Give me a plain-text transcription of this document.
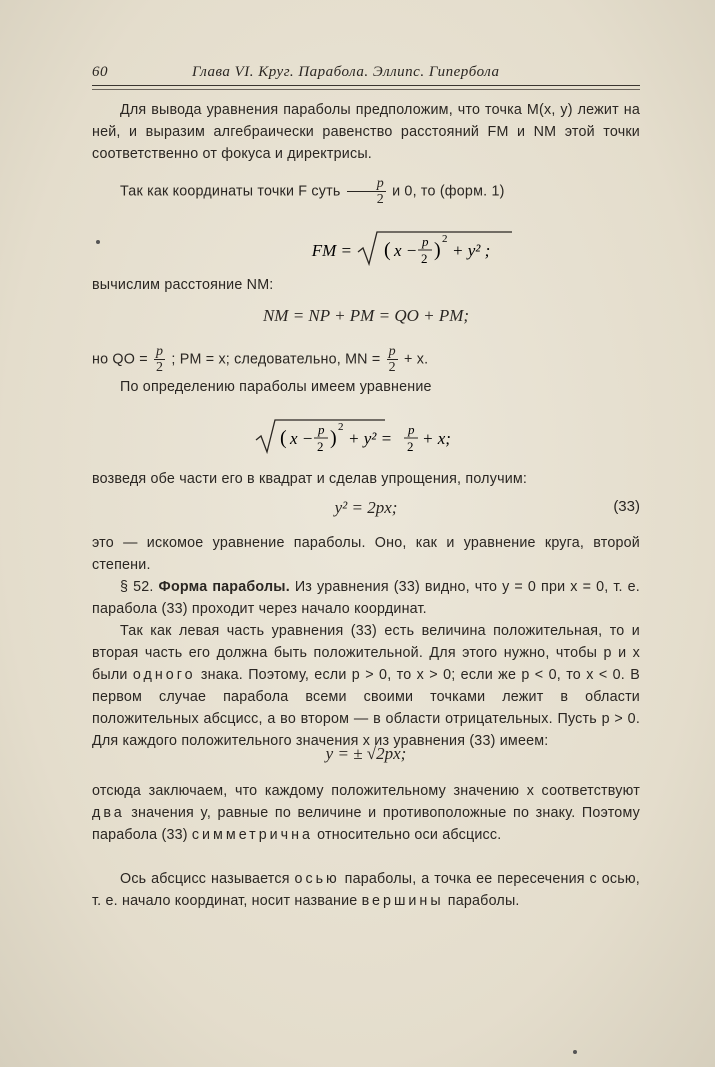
60	Глава VI. Круг. Парабола. Эллипс. Гипербола

Для вывода уравнения параболы предположим, что точка M(x, y) лежит на ней, и выразим алгебраически равенство расстояний FM и NM этой точки соответственно от фокуса и директрисы.

Так как координаты точки F суть $\frac{p}{2}$ и 0, то (форм. 1)

FM = ( x − p
2 ) 2
+ y² ;

вычислим расстояние NM:

NM = NP + PM = QO + PM;

но QO = $\frac{p}{2}$ ; PM = x; следовательно, MN = $\frac{p}{2} + x$.

По определению параболы имеем уравнение

( x − p
2 ) 2
+ y² = p
2 + x;

возведя обе части его в квадрат и сделав упрощения, получим:

y² = 2px;	(33)

это — искомое уравнение параболы. Оно, как и уравнение круга, второй степени.

§ 52. Форма параболы. Из уравнения (33) видно, что y = 0 при x = 0, т. е. парабола (33) проходит через начало координат.

Так как левая часть уравнения (33) есть величина положительная, то и вторая часть его должна быть положительной. Для этого нужно, чтобы p и x были одного знака. Поэтому, если p > 0, то x > 0; если же p < 0, то x < 0. В первом случае парабола всеми своими точками лежит в области положительных абсцисс, а во втором — в области отрицательных. Пусть p > 0. Для каждого положительного значения x из уравнения (33) имеем:

y = ± √2px;

отсюда заключаем, что каждому положительному значению x соответствуют два значения y, равные по величине и противоположные по знаку. Поэтому парабола (33) симметрична относительно оси абсцисс.

Ось абсцисс называется осью параболы, а точка ее пересечения с осью, т. е. начало координат, носит название вершины параболы.
